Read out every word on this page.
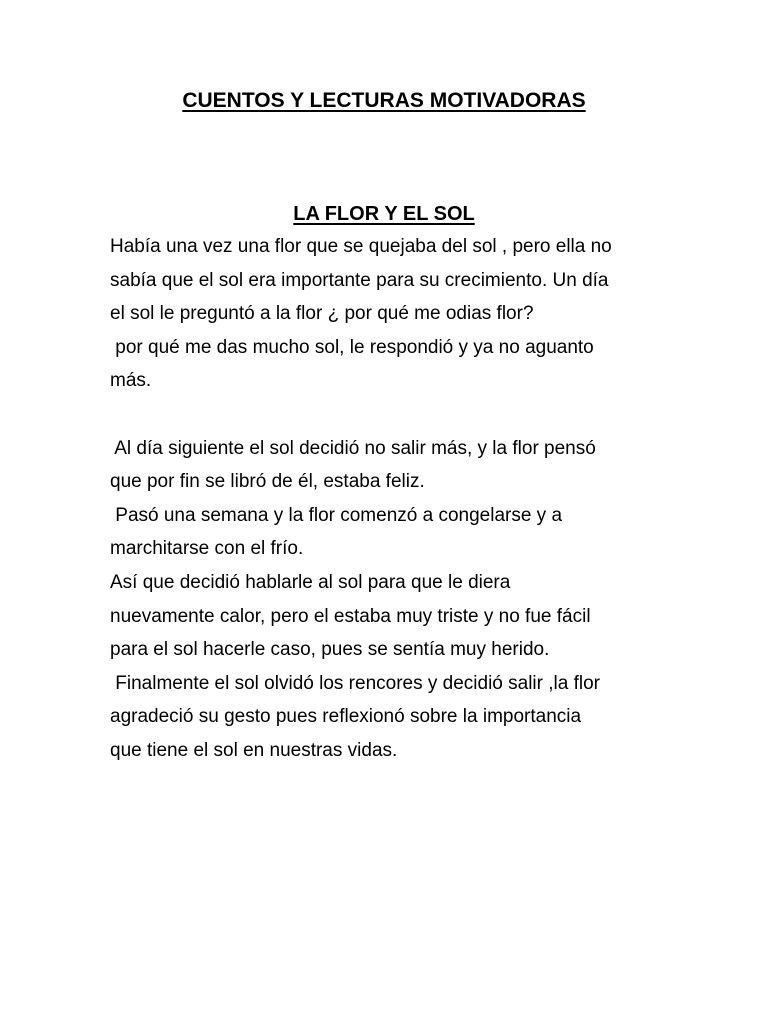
CUENTOS Y LECTURAS MOTIVADORAS
LA FLOR Y EL SOL
Había una vez una flor que se quejaba del sol , pero ella no
sabía que el sol era importante para su crecimiento. Un día
el sol le preguntó a la flor ¿ por qué me odias flor?
por qué me das mucho sol, le respondió y ya no aguanto
más.
Al día siguiente el sol decidió no salir más, y la flor pensó
que por fin se libró de él, estaba feliz.
Pasó una semana y la flor comenzó a congelarse y a
marchitarse con el frío.
Así que decidió hablarle al sol para que le diera
nuevamente calor, pero el estaba muy triste y no fue fácil
para el sol hacerle caso, pues se sentía muy herido.
Finalmente el sol olvidó los rencores y decidió salir ,la flor
agradeció su gesto pues reflexionó sobre la importancia
que tiene el sol en nuestras vidas.
